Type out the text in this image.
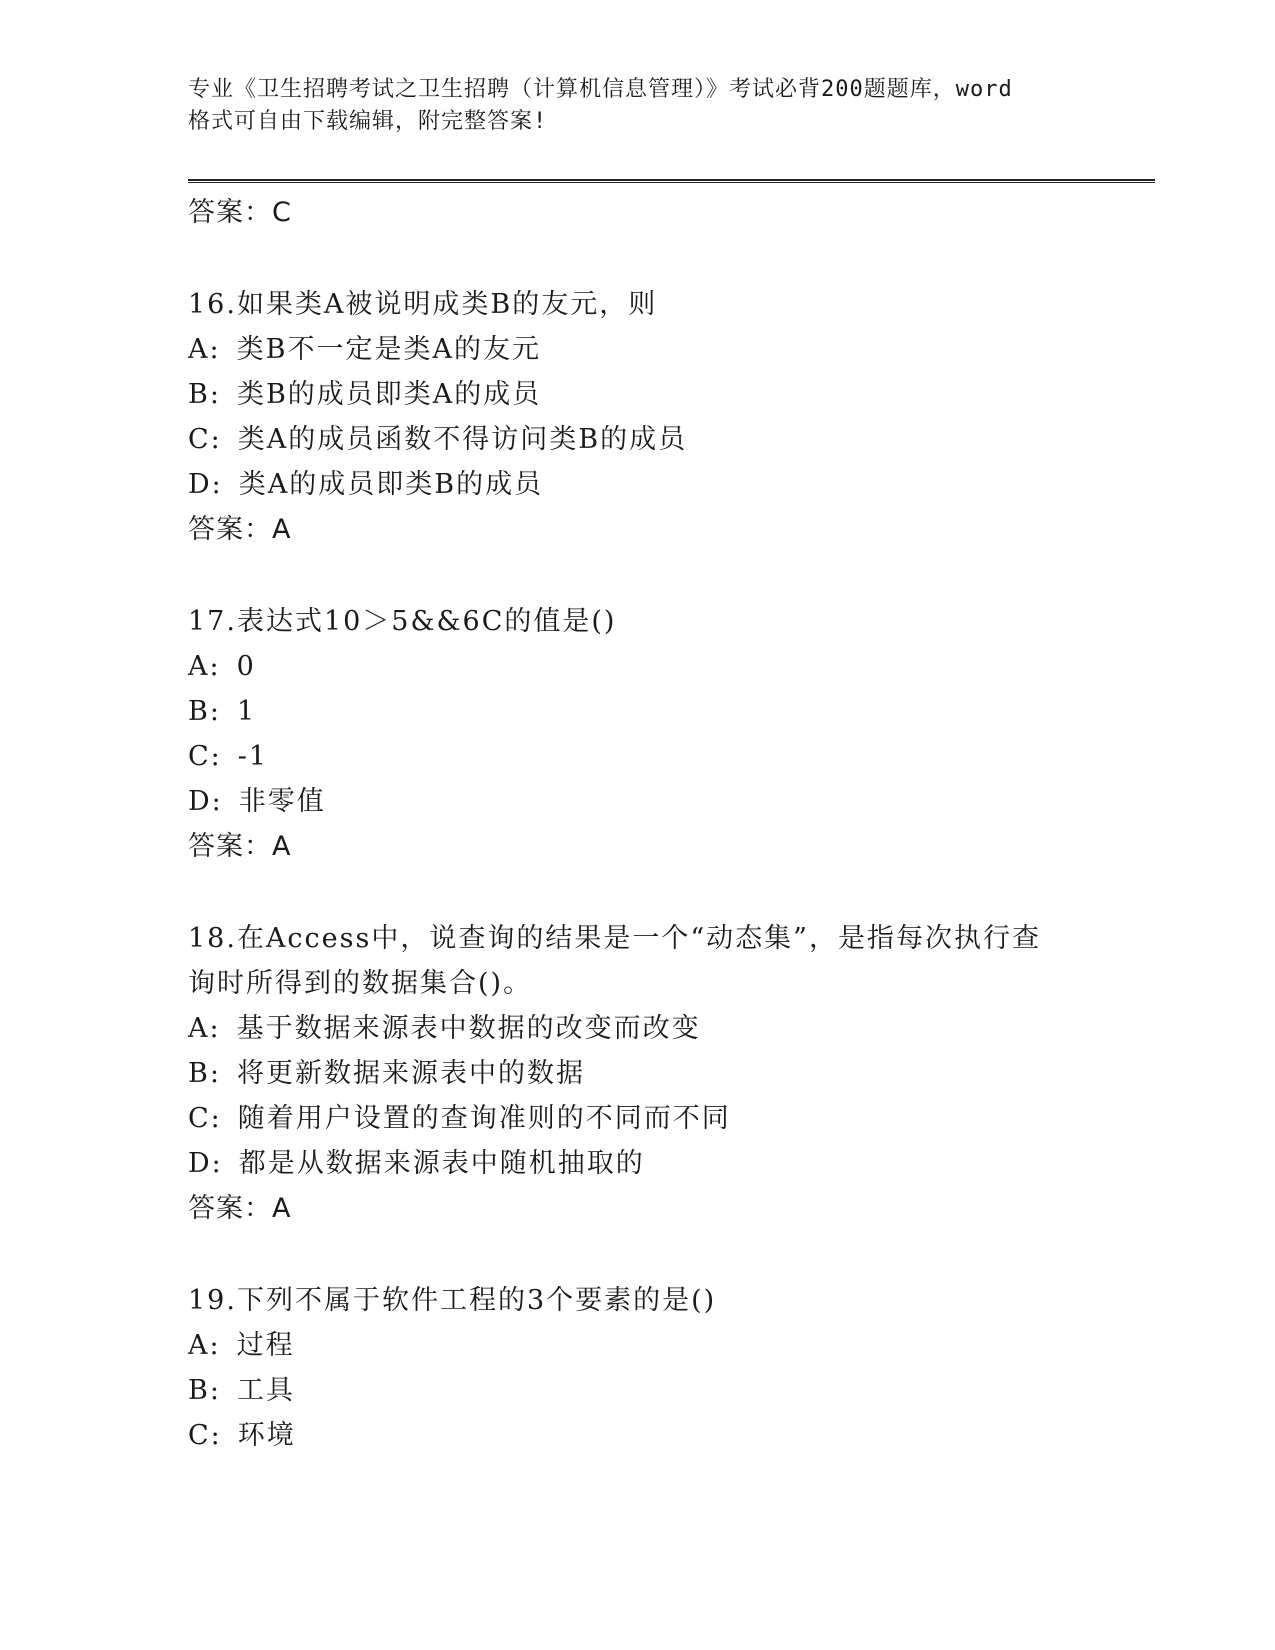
专业《卫生招聘考试之卫生招聘（计算机信息管理）》考试必背200题题库，word
格式可自由下载编辑，附完整答案!
答案：C
16.如果类A被说明成类B的友元，则
A: 类B不一定是类A的友元
B: 类B的成员即类A的成员
C: 类A的成员函数不得访问类B的成员
D: 类A的成员即类B的成员
答案：A
17.表达式10＞5&&6C的值是()
A: 0
B: 1
C: -1
D: 非零值
答案：A
18.在Access中，说查询的结果是一个“动态集”，是指每次执行查
询时所得到的数据集合()。
A: 基于数据来源表中数据的改变而改变
B: 将更新数据来源表中的数据
C: 随着用户设置的查询准则的不同而不同
D: 都是从数据来源表中随机抽取的
答案：A
19.下列不属于软件工程的3个要素的是()
A: 过程
B: 工具
C: 环境
